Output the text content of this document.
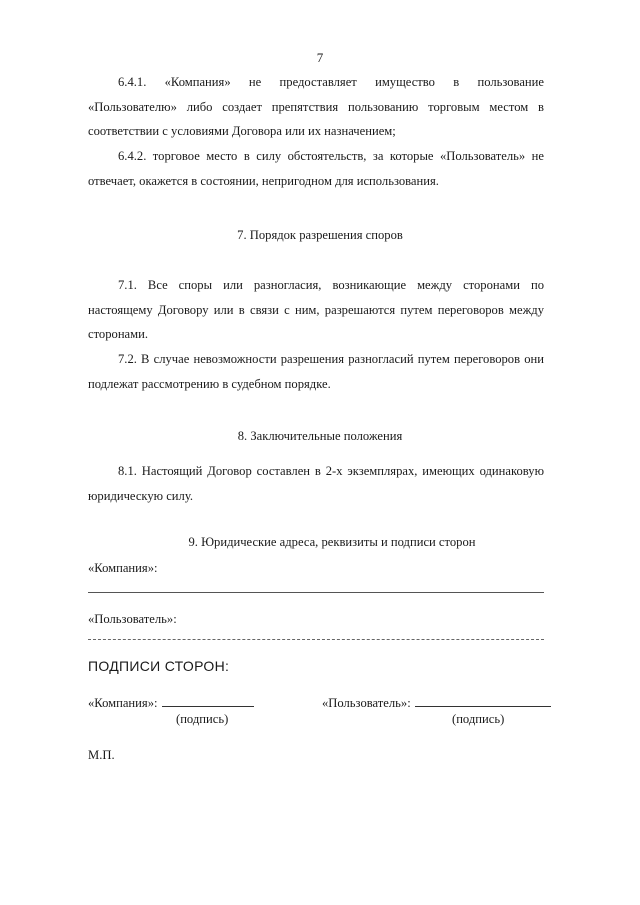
7

6.4.1. «Компания» не предоставляет имущество в пользование «Пользователю» либо создает препятствия пользованию торговым местом в соответствии с условиями Договора или их назначением;

6.4.2. торговое место в силу обстоятельств, за которые «Пользователь» не отвечает, окажется в состоянии, непригодном для использования.

7. Порядок разрешения споров

7.1. Все споры или разногласия, возникающие между сторонами по настоящему Договору или в связи с ним, разрешаются путем переговоров между сторонами.

7.2. В случае невозможности разрешения разногласий путем переговоров они подлежат рассмотрению в судебном порядке.

8. Заключительные положения

8.1. Настоящий Договор составлен в 2-х экземплярах, имеющих одинаковую юридическую силу.

9. Юридические адреса, реквизиты и подписи сторон

«Компания»:
«Пользователь»:
ПОДПИСИ СТОРОН:
«Компания»:	«Пользователь»:
(подпись)	(подпись)
М.П.
